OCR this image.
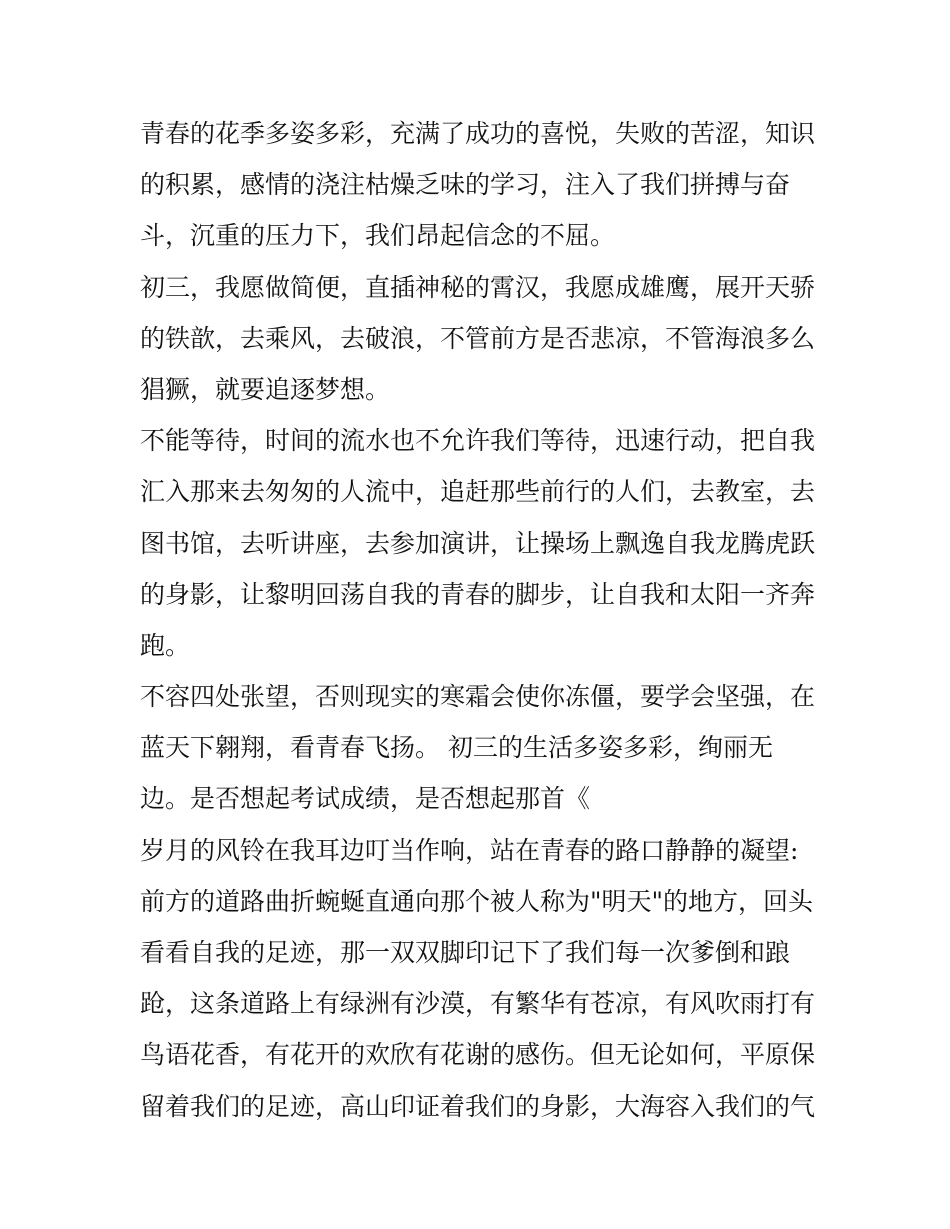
青春的花季多姿多彩，充满了成功的喜悦，失败的苦涩，知识
的积累，感情的浇注枯燥乏味的学习，注入了我们拼搏与奋
斗，沉重的压力下，我们昂起信念的不屈。
初三，我愿做简便，直插神秘的霄汉，我愿成雄鹰，展开天骄
的铁歆，去乘风，去破浪，不管前方是否悲凉，不管海浪多么
猖獗，就要追逐梦想。
不能等待，时间的流水也不允许我们等待，迅速行动，把自我
汇入那来去匆匆的人流中，追赶那些前行的人们，去教室，去
图书馆，去听讲座，去参加演讲，让操场上飘逸自我龙腾虎跃
的身影，让黎明回荡自我的青春的脚步，让自我和太阳一齐奔
跑。
不容四处张望，否则现实的寒霜会使你冻僵，要学会坚强，在
蓝天下翱翔，看青春飞扬。 初三的生活多姿多彩，绚丽无
边。是否想起考试成绩，是否想起那首《
岁月的风铃在我耳边叮当作响，站在青春的路口静静的凝望:
前方的道路曲折蜿蜒直通向那个被人称为"明天"的地方，回头
看看自我的足迹，那一双双脚印记下了我们每一次爹倒和踉
跄，这条道路上有绿洲有沙漠，有繁华有苍凉，有风吹雨打有
鸟语花香，有花开的欢欣有花谢的感伤。但无论如何，平原保
留着我们的足迹，高山印证着我们的身影，大海容入我们的气
